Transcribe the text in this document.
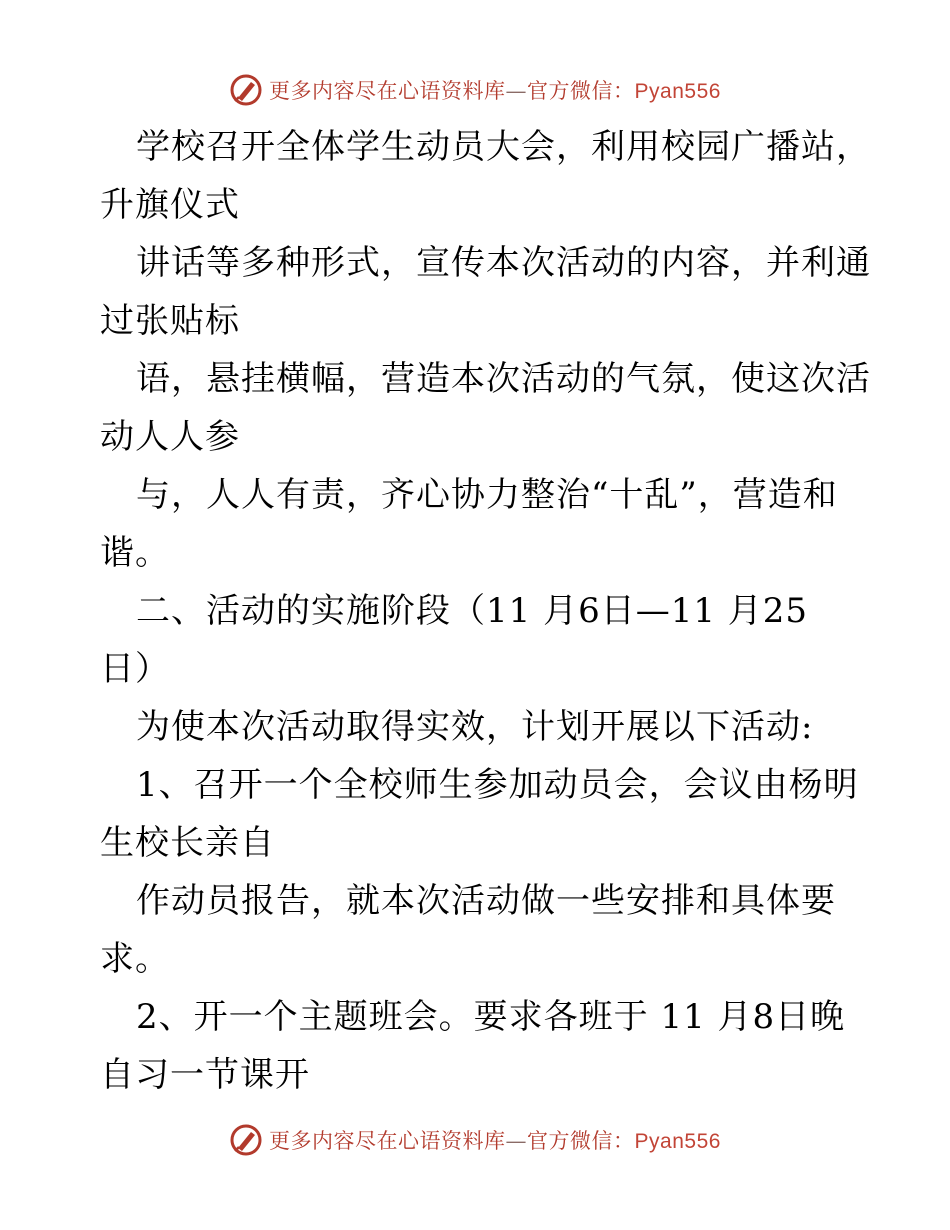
更多内容尽在心语资料库—官方微信：Pyan556
学校召开全体学生动员大会，利用校园广播站，
升旗仪式
讲话等多种形式，宣传本次活动的内容，并利通
过张贴标
语，悬挂横幅，营造本次活动的气氛，使这次活
动人人参
与，人人有责，齐心协力整治“十乱”，营造和
谐。
二、活动的实施阶段（11 月6日—11 月25
日）
为使本次活动取得实效，计划开展以下活动:
1、召开一个全校师生参加动员会，会议由杨明
生校长亲自
作动员报告，就本次活动做一些安排和具体要
求。
2、开一个主题班会。要求各班于 11 月8日晚
自习一节课开
更多内容尽在心语资料库—官方微信：Pyan556
